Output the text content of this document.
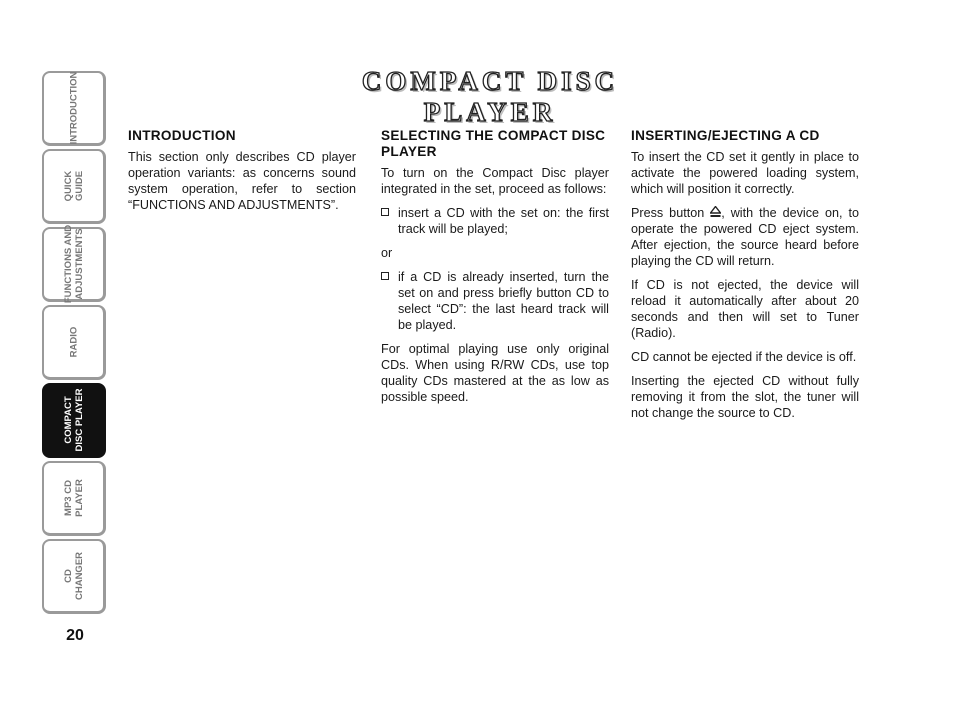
INTRODUCTION
QUICK
GUIDE
FUNCTIONS AND
ADJUSTMENTS
RADIO
COMPACT
DISC PLAYER
MP3 CD
PLAYER
CD
CHANGER
20
COMPACT DISC PLAYER
INTRODUCTION

This section only describes CD player operation variants: as concerns sound system operation, refer to section “FUNCTIONS AND ADJUSTMENTS”.

SELECTING THE COMPACT DISC PLAYER

To turn on the Compact Disc player integrated in the set, proceed as follows:

insert a CD with the set on: the first track will be played;

or

if a CD is already inserted, turn the set on and press briefly button CD to select “CD”: the last heard track will be played.

For optimal playing use only original CDs. When using R/RW CDs, use top quality CDs mastered at the as low as possible speed.

INSERTING/EJECTING A CD

To insert the CD set it gently in place to activate the powered loading system, which will position it correctly.

Press button , with the device on, to operate the powered CD eject system. After ejection, the source heard before playing the CD will return.

If CD is not ejected, the device will reload it automatically after about 20 seconds and then will set to Tuner (Radio).

CD cannot be ejected if the device is off.

Inserting the ejected CD without fully removing it from the slot, the tuner will not change the source to CD.
